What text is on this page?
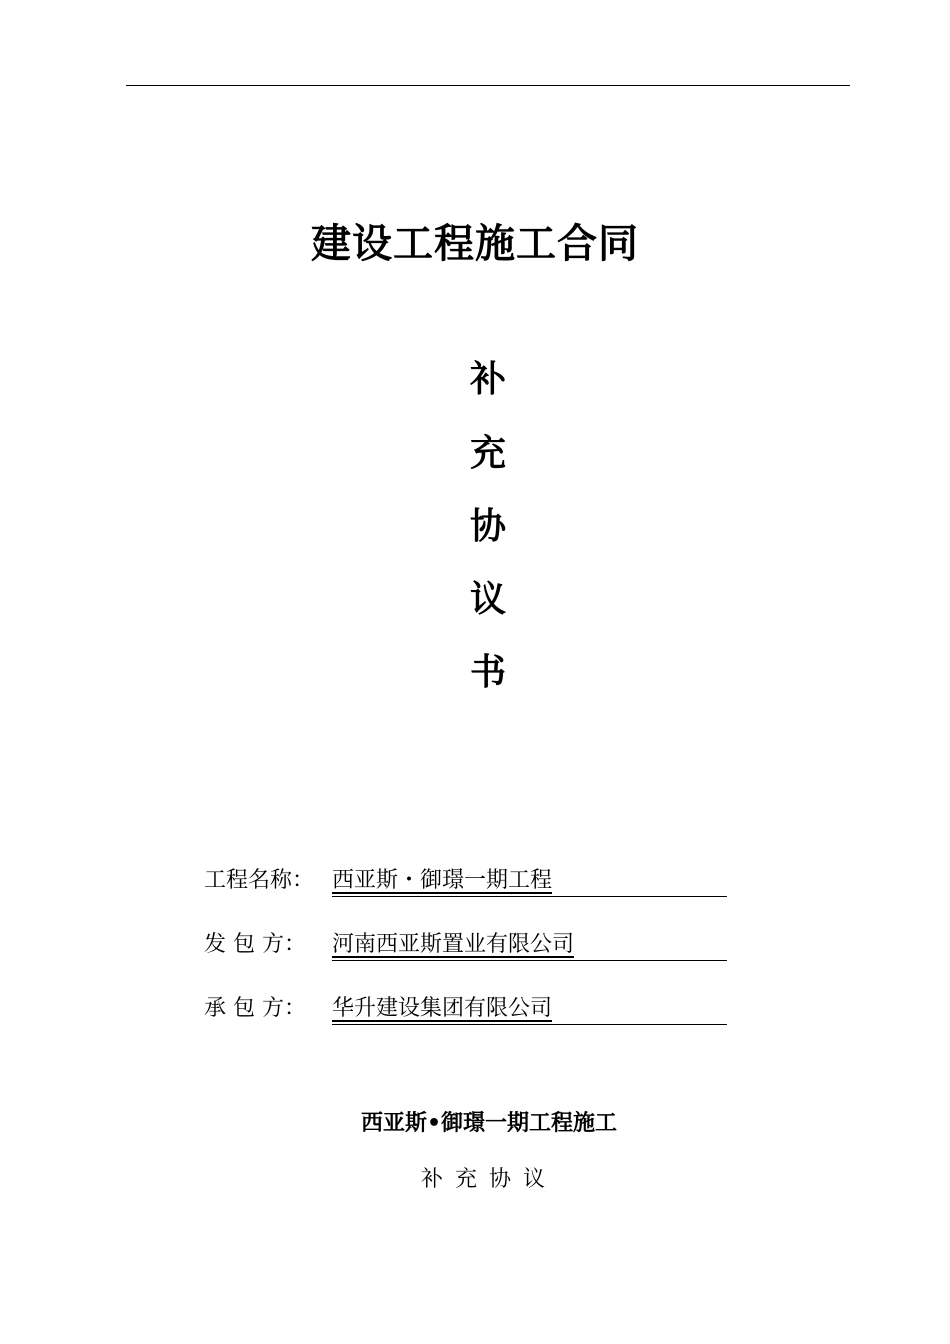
建设工程施工合同
补
充
协
议
书
工程名称： 西亚斯・御璟一期工程
发 包 方： 河南西亚斯置业有限公司
承 包 方： 华升建设集团有限公司
西亚斯•御璟一期工程施工
补充协议
